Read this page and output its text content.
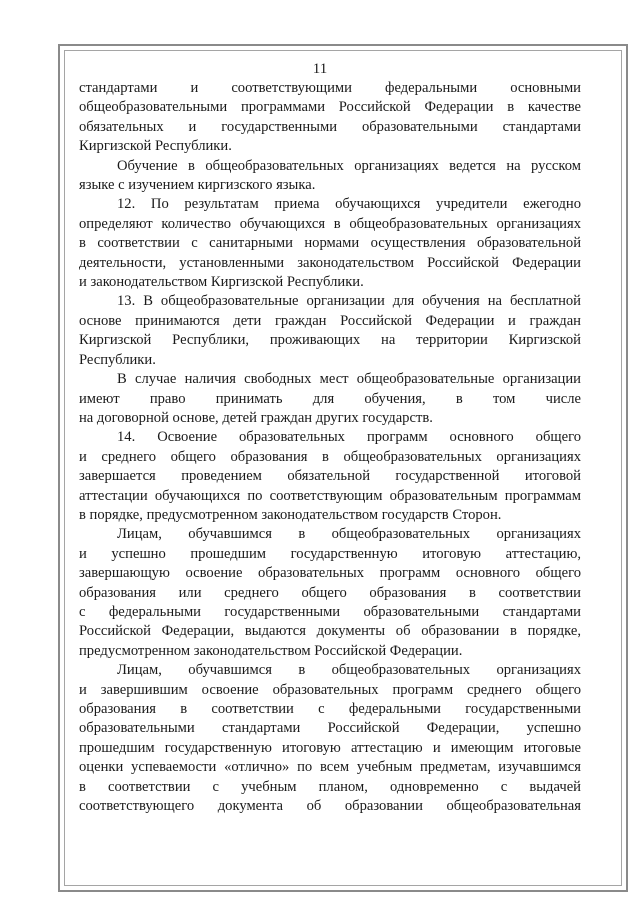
11

стандартами и соответствующими федеральными основными

общеобразовательными программами Российской Федерации в качестве

обязательных и государственными образовательными стандартами

Киргизской Республики.

Обучение в общеобразовательных организациях ведется на русском

языке с изучением киргизского языка.

12. По результатам приема обучающихся учредители ежегодно

определяют количество обучающихся в общеобразовательных организациях

в соответствии с санитарными нормами осуществления образовательной

деятельности, установленными законодательством Российской Федерации

и законодательством Киргизской Республики.

13. В общеобразовательные организации для обучения на бесплатной

основе принимаются дети граждан Российской Федерации и граждан

Киргизской Республики, проживающих на территории Киргизской

Республики.

В случае наличия свободных мест общеобразовательные организации

имеют право принимать для обучения, в том числе

на договорной основе, детей граждан других государств.

14. Освоение образовательных программ основного общего

и среднего общего образования в общеобразовательных организациях

завершается проведением обязательной государственной итоговой

аттестации обучающихся по соответствующим образовательным программам

в порядке, предусмотренном законодательством государств Сторон.

Лицам, обучавшимся в общеобразовательных организациях

и успешно прошедшим государственную итоговую аттестацию,

завершающую освоение образовательных программ основного общего

образования или среднего общего образования в соответствии

с федеральными государственными образовательными стандартами

Российской Федерации, выдаются документы об образовании в порядке,

предусмотренном законодательством Российской Федерации.

Лицам, обучавшимся в общеобразовательных организациях

и завершившим освоение образовательных программ среднего общего

образования в соответствии с федеральными государственными

образовательными стандартами Российской Федерации, успешно

прошедшим государственную итоговую аттестацию и имеющим итоговые

оценки успеваемости «отлично» по всем учебным предметам, изучавшимся

в соответствии с учебным планом, одновременно с выдачей

соответствующего документа об образовании общеобразовательная
